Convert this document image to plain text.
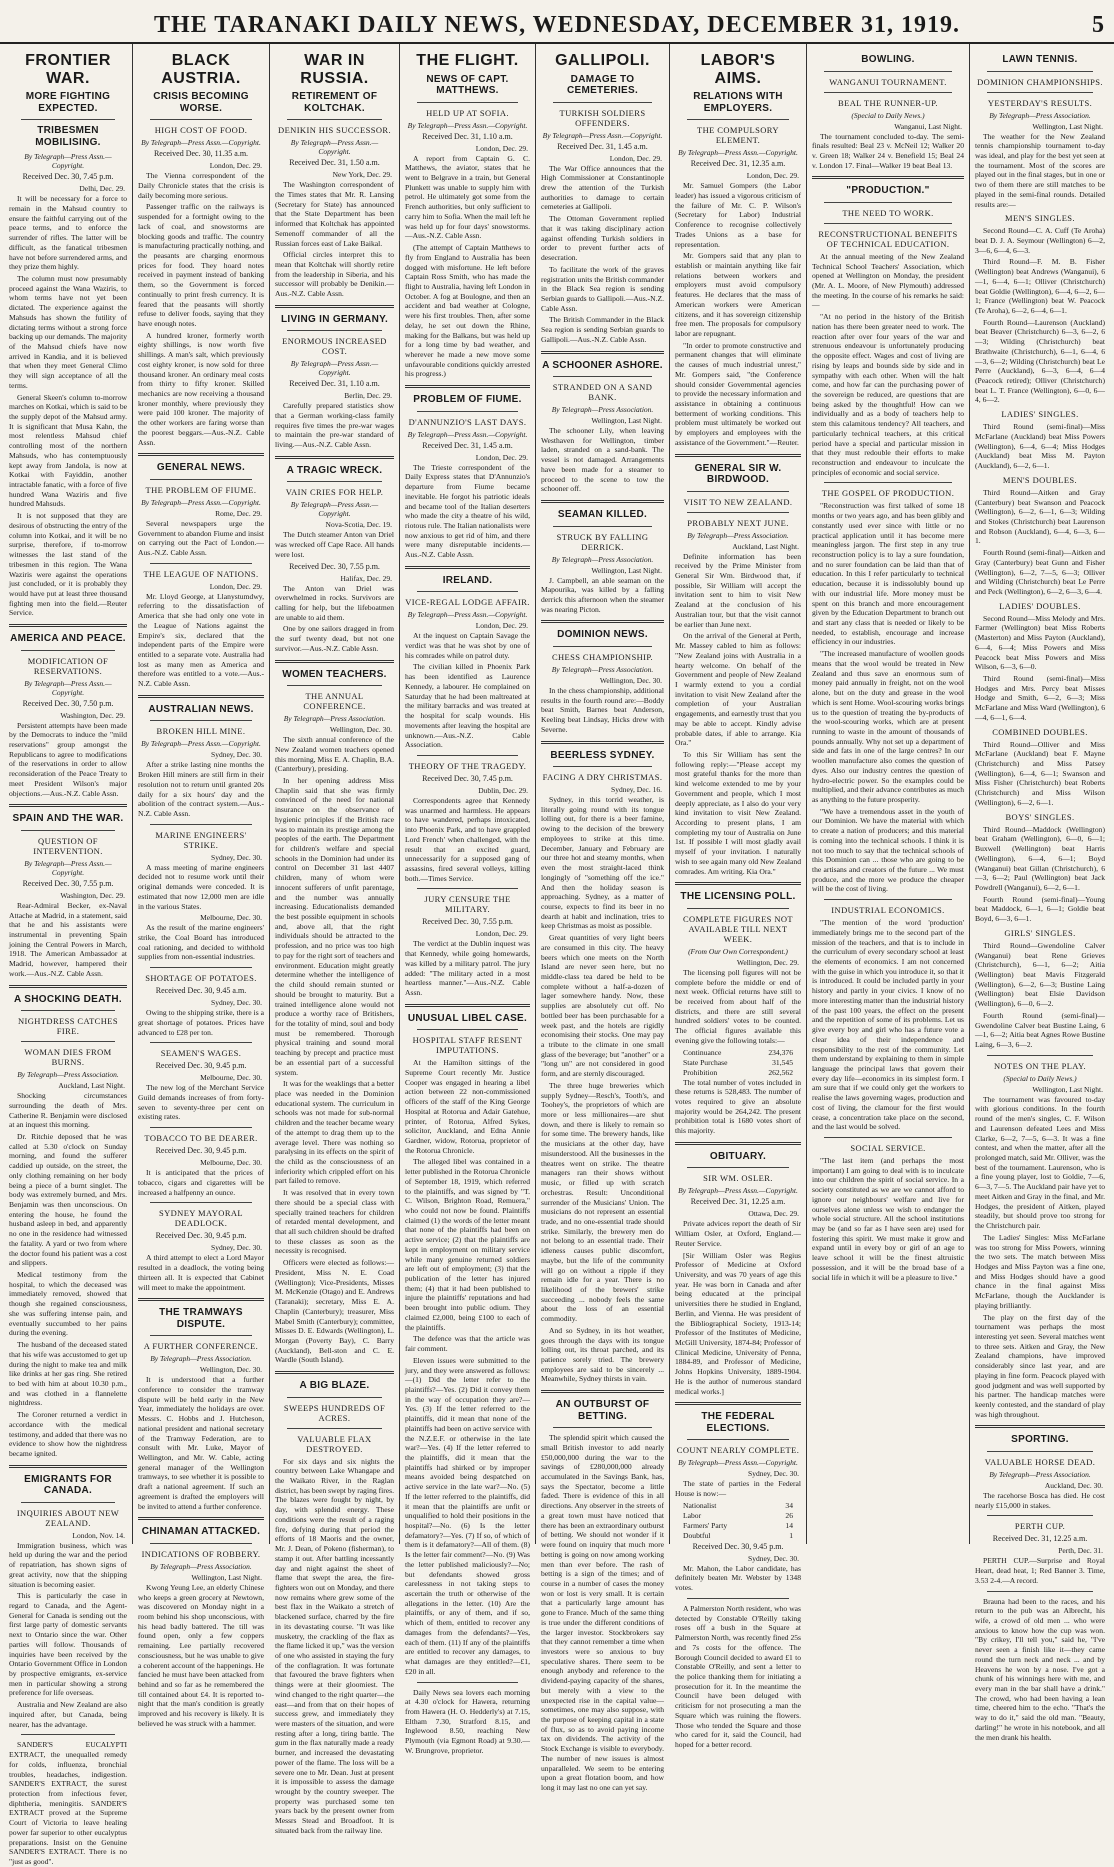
THE TARANAKI DAILY NEWS, WEDNESDAY, DECEMBER 31, 1919.	5
FRONTIER WAR.
MORE FIGHTING EXPECTED.
TRIBESMEN MOBILISING.
By Telegraph—Press Assn.—Copyright.
Received Dec. 30, 7.45 p.m.
Delhi, Dec. 29.

It will be necessary for a force to remain in the Mahsud country to ensure the faithful carrying out of the peace terms, and to enforce the surrender of rifles. The latter will be difficult, as the fanatical tribesmen have not before surrendered arms, and they prize them highly.

The column must now presumably proceed against the Wana Waziris, to whom terms have not yet been dictated. The experience against the Mahsuds has shown the futility of dictating terms without a strong force backing up our demands. The majority of the Mahsud chiefs have now arrived in Kandia, and it is believed that when they meet General Climo they will sign acceptance of all the terms.

General Skeen's column to-morrow marches on Kotkai, which is said to be the supply depot of the Mahsud army. It is significant that Musa Kahn, the most relentless Mahsud chief controlling most of the northern Mahsuds, who has contemptuously kept away from Jandola, is now at Kotkai with Fayiddin, another intractable fanatic, with a force of five hundred Wana Waziris and five hundred Mahsuds.

It is not supposed that they are desirous of obstructing the entry of the column into Kotkai, and it will be no surprise, therefore, if to-morrow witnesses the last stand of the tribesmen in this region. The Wana Waziris were against the operations just concluded, or it is probably they would have put at least three thousand fighting men into the field.—Reuter Service.

AMERICA AND PEACE.
MODIFICATION OF RESERVATIONS.
By Telegraph—Press Assn.—Copyright.
Received Dec. 30, 7.50 p.m.
Washington, Dec. 29.

Persistent attempts have been made by the Democrats to induce the "mild reservations" group amongst the Republicans to agree to modifications of the reservations in order to allow reconsideration of the Peace Treaty to meet President Wilson's major objections.—Aus.-N.Z. Cable Assn.

SPAIN AND THE WAR.
QUESTION OF INTERVENTION.
By Telegraph—Press Assn.—Copyright.
Received Dec. 30, 7.55 p.m.
Washington, Dec. 29.

Rear-Admiral Becker, ex-Naval Attache at Madrid, in a statement, said that he and his assistants were instrumental in preventing Spain joining the Central Powers in March, 1918. The American Ambassador at Madrid, however, hampered their work.—Aus.-N.Z. Cable Assn.

A SHOCKING DEATH.
NIGHTDRESS CATCHES FIRE.
WOMAN DIES FROM BURNS.
By Telegraph—Press Association.
Auckland, Last Night.

Shocking circumstances surrounding the death of Mrs. Catherine R. Benjamin were disclosed at an inquest this morning.

Dr. Ritchie deposed that he was called at 5.30 o'clock on Sunday morning, and found the sufferer caddied up outside, on the street, the only clothing remaining on her body being a piece of a burnt singlet. The body was extremely burned, and Mrs. Benjamin was then unconscious. On entering the house, he found the husband asleep in bed, and apparently no one in the residence had witnessed the fatality. A yard or two from where the doctor found his patient was a cost and slippers.

Medical testimony from the hospital, to which the deceased was immediately removed, showed that though she regained consciousness, she was suffering intense pain, and eventually succumbed to her pains during the evening.

The husband of the deceased stated that his wife was accustomed to get up during the night to make tea and milk like drinks at her gas ring. She retired to bed with him at about 10.30 p.m., and was clothed in a flannelette nightdress.

The Coroner returned a verdict in accordance with the medical testimony, and added that there was no evidence to show how the nightdress became ignited.

EMIGRANTS FOR CANADA.
INQUIRIES ABOUT NEW ZEALAND.
London, Nov. 14.

Immigration business, which was held up during the war and the period of repatriation, has shown signs of great activity, now that the shipping situation is becoming easier.

This is particularly the case in regard to Canada, and the Agent-General for Canada is sending out the first large party of domestic servants next to Ontario since the war. Other parties will follow. Thousands of inquiries have been received by the Ontario Government Office in London by prospective emigrants, ex-service men in particular showing a strong preference for life overseas.

Australia and New Zealand are also inquired after, but Canada, being nearer, has the advantage.

SANDER'S EUCALYPTI EXTRACT, the unequalled remedy for colds, influenza, bronchial troubles, headaches, indigestion. SANDER'S EXTRACT, the surest protection from infectious fever, diphtheria, meningitis. SANDER'S EXTRACT proved at the Supreme Court of Victoria to leave healing power far superior to other eucalyptus preparations. Insist on the Genuine SANDER'S EXTRACT. There is no "just as good".

BLACK AUSTRIA.
CRISIS BECOMING WORSE.
HIGH COST OF FOOD.
By Telegraph—Press Assn.—Copyright.
Received Dec. 30, 11.35 a.m.
London, Dec. 29.

The Vienna correspondent of the Daily Chronicle states that the crisis is daily becoming more serious.

Passenger traffic on the railways is suspended for a fortnight owing to the lack of coal, and snowstorms are blocking goods and traffic. The country is manufacturing practically nothing, and the peasants are charging enormous prices for food. They hoard notes received in payment instead of banking them, so the Government is forced continually to print fresh currency. It is feared that the peasants will shortly refuse to deliver foods, saying that they have enough notes.

A hundred kroner, formerly worth eighty shillings, is now worth five shillings. A man's salt, which previously cost eighty kroner, is now sold for three thousand kroner. An ordinary meal costs from thirty to fifty kroner. Skilled mechanics are now receiving a thousand kroner monthly, where previously they were paid 100 kroner. The majority of the other workers are faring worse than the poorest beggars.—Aus.-N.Z. Cable Assn.

GENERAL NEWS.
THE PROBLEM OF FIUME.
By Telegraph—Press Assn.—Copyright.
Rome, Dec. 29.

Several newspapers urge the Government to abandon Fiume and insist on carrying out the Pact of London.—Aus.-N.Z. Cable Assn.

THE LEAGUE OF NATIONS.
London, Dec. 29.

Mr. Lloyd George, at Llanystumdwy, referring to the dissatisfaction of America that she had only one vote in the League of Nations against the Empire's six, declared that the independent parts of the Empire were entitled to a separate vote. Australia had lost as many men as America and therefore was entitled to a vote.—Aus.-N.Z. Cable Assn.

AUSTRALIAN NEWS.
BROKEN HILL MINE.
By Telegraph—Press Assn.—Copyright.
Sydney, Dec. 30.

After a strike lasting nine months the Broken Hill miners are still firm in their resolution not to return until granted 20s daily for a six hours' day and the abolition of the contract system.—Aus.-N.Z. Cable Assn.

MARINE ENGINEERS' STRIKE.
Sydney, Dec. 30.

A mass meeting of marine engineers decided not to resume work until their original demands were conceded. It is estimated that now 12,000 men are idle in the various States.

Melbourne, Dec. 30.

As the result of the marine engineers' strike, the Coal Board has introduced coal rationing, and decided to withhold supplies from non-essential industries.

SHORTAGE OF POTATOES.
Received Dec. 30, 9.45 a.m.
Sydney, Dec. 30.

Owing to the shipping strike, there is a great shortage of potatoes. Prices have advanced to £28 per ton.

SEAMEN'S WAGES.
Received Dec. 30, 9.45 p.m.
Melbourne, Dec. 30.

The new log of the Merchant Service Guild demands increases of from forty-seven to seventy-three per cent on existing rates.

TOBACCO TO BE DEARER.
Received Dec. 30, 9.45 p.m.
Melbourne, Dec. 30.

It is anticipated that the prices of tobacco, cigars and cigarettes will be increased a halfpenny an ounce.

SYDNEY MAYORAL DEADLOCK.
Received Dec. 30, 9.45 p.m.
Sydney, Dec. 30.

A third attempt to elect a Lord Mayor resulted in a deadlock, the voting being thirteen all. It is expected that Cabinet will meet to make the appointment.

THE TRAMWAYS DISPUTE.
A FURTHER CONFERENCE.
By Telegraph—Press Association.
Wellington, Dec. 30.

It is understood that a further conference to consider the tramway dispute will be held early in the New Year, immediately the holidays are over. Messrs. C. Hobbs and J. Hutcheson, national president and national secretary of the Tramway Federation, are to consult with Mr. Luke, Mayor of Wellington, and Mr. W. Cable, acting general manager of the Wellington tramways, to see whether it is possible to draft a national agreement. If such an agreement is drafted the employers will be invited to attend a further conference.

CHINAMAN ATTACKED.
INDICATIONS OF ROBBERY.
By Telegraph—Press Association.
Wellington, Last Night.

Kwong Yeung Lee, an elderly Chinese who keeps a green grocery at Newtown, was discovered on Monday night in a room behind his shop unconscious, with his head badly battered. The till was found open, only a few coppers remaining. Lee partially recovered consciousness, but he was unable to give a coherent account of the happenings. He fancied he must have been attacked from behind and so far as he remembered the till contained about £4. It is reported to-night that the man's condition is greatly improved and his recovery is likely. It is believed he was struck with a hammer.

WAR IN RUSSIA.
RETIREMENT OF KOLTCHAK.
DENIKIN HIS SUCCESSOR.
By Telegraph—Press Assn.—Copyright.
Received Dec. 31, 1.50 a.m.
New York, Dec. 29.

The Washington correspondent of the Times states that Mr. R. Lansing (Secretary for State) has announced that the State Department has been informed that Koltchak has appointed Semenoff commander of all the Russian forces east of Lake Baikal.

Official circles interpret this to mean that Koltchak will shortly retire from the leadership in Siberia, and his successor will probably be Denikin.—Aus.-N.Z. Cable Assn.

LIVING IN GERMANY.
ENORMOUS INCREASED COST.
By Telegraph—Press Assn.—Copyright.
Received Dec. 31, 1.10 a.m.
Berlin, Dec. 29.

Carefully prepared statistics show that a German working-class family requires five times the pre-war wages to maintain the pre-war standard of living.—Aus.-N.Z. Cable Assn.

A TRAGIC WRECK.
VAIN CRIES FOR HELP.
By Telegraph—Press Assn.—Copyright.
Nova-Scotia, Dec. 19.

The Dutch steamer Anton van Driel was wrecked off Cape Race. All hands were lost.

Received Dec. 30, 7.55 p.m.
Halifax, Dec. 29.

The Anton van Driel was overwhelmed in rocks. Survivors are calling for help, but the lifeboatmen are unable to aid them.

One by one sailors dragged in from the surf twenty dead, but not one survivor.—Aus.-N.Z. Cable Assn.

WOMEN TEACHERS.
THE ANNUAL CONFERENCE.
By Telegraph—Press Association.
Wellington, Dec. 30.

The sixth annual conference of the New Zealand women teachers opened this morning, Miss E. A. Chaplin, B.A. (Canterbury), presiding.

In her opening address Miss Chaplin said that she was firmly convinced of the need for national insurance on the observance of hygienic principles if the British race was to maintain its prestige among the peoples of the earth. The Department for children's welfare and special schools in the Dominion had under its control on December 31 last 4407 children, many of whom were innocent sufferers of unfit parentage, and the number was annually increasing. Educationalists demanded the best possible equipment in schools and, above all, that the right individuals should be attracted to the profession, and no price was too high to pay for the right sort of teachers and environment. Education might greatly determine whether the intelligence of the child should remain stunted or should be brought to maturity. But a trained intelligence alone would not produce a worthy race of Britishers, for the totality of mind, soul and body must be remembered. Thorough physical training and sound moral teaching by precept and practice must be an essential part of a successful system.

It was for the weaklings that a better place was needed in the Dominion educational system. The curriculum in schools was not made for sub-normal children and the teacher became weary of the attempt to drag them up to the average level. There was nothing so paralysing in its effects on the spirit of the child as the consciousness of an inferiority which crippled effort on his part failed to remove.

It was resolved that in every town there should be a special class with specially trained teachers for children of retarded mental development, and that all such children should be drafted to these classes as soon as the necessity is recognised.

Officers were elected as follows:—President, Miss N. E. Coad (Wellington); Vice-Presidents, Misses M. McKenzie (Otago) and E. Andrews (Taranaki); secretary, Miss E. A. Chaplin (Canterbury); treasurer, Miss Mabel Smith (Canterbury); committee, Misses D. E. Edwards (Wellington), L. Morgan (Poverty Bay), C. Barry (Auckland), Bell-ston and C. E. Wardle (South Island).

A BIG BLAZE.
SWEEPS HUNDREDS OF ACRES.
VALUABLE FLAX DESTROYED.

For six days and six nights the country between Lake Whangape and the Waikato River, in the Raglan district, has been swept by raging fires. The blazes were fought by night, by day, with splendid energy. These conditions were the result of a raging fire, defying during that period the efforts of 18 Maoris and the owner, Mr. J. Dean, of Pokeno (fisherman), to stamp it out. After battling incessantly day and night against the sheet of flame that swept the area, the fire-fighters won out on Monday, and there now remains where grew some of the best flax in the Waikato a stretch of blackened surface, charred by the fire in its devastating course. "It was like musketry, the crackling of the flax as the flame licked it up," was the version of one who assisted in staying the fury of the conflagration. It was fortunate that favoured the brave fighters when things were at their gloomiest. The wind changed to the right quarter—the east—and from that on their hopes of success grew, and immediately they were masters of the situation, and were resting after a long, tiring battle. The gum in the flax naturally made a ready burner, and increased the devastating power of the flame. The loss will be a severe one to Mr. Dean. Just at present it is impossible to assess the damage wrought by the country sweeper. The property was purchased some ten years back by the present owner from Messrs Stead and Broadfoot. It is situated back from the railway line.

THE FLIGHT.
NEWS OF CAPT. MATTHEWS.
HELD UP AT SOFIA.
By Telegraph—Press Assn.—Copyright.
Received Dec. 31, 1.10 a.m.
London, Dec. 29.

A report from Captain G. C. Matthews, the aviator, states that he went to Belgrave in a train, but General Plunkett was unable to supply him with petrol. He ultimately got some from the French authorities, but only sufficient to carry him to Sofia. When the mail left he was held up for four days' snowstorms.—Aus.-N.Z. Cable Assn.

(The attempt of Captain Matthews to fly from England to Australia has been dogged with misfortune. He left before Captain Ross Smith, who has made the flight to Australia, having left London in October. A fog at Boulogne, and then an accident and bad weather at Cologne, were his first troubles. Then, after some delay, he set out down the Rhine, making for the Balkans, but was held up for a long time by bad weather, and wherever he made a new move some unfavourable conditions quickly arrested his progress.)

PROBLEM OF FIUME.
D'ANNUNZIO'S LAST DAYS.
By Telegraph—Press Assn.—Copyright.
Received Dec. 31, 1.45 a.m.
London, Dec. 29.

The Trieste correspondent of the Daily Express states that D'Annunzio's departure from Fiume became inevitable. He forgot his patriotic ideals and became tool of the Italian deserters who made the city a theatre of his wild, riotous rule. The Italian nationalists were now anxious to get rid of him, and there were many disreputable incidents.—Aus.-N.Z. Cable Assn.

IRELAND.
VICE-REGAL LODGE AFFAIR.
By Telegraph—Press Assn.—Copyright.
London, Dec. 29.

At the inquest on Captain Savage the verdict was that he was shot by one of his comrades while on patrol duty.

The civilian killed in Phoenix Park has been identified as Laurence Kennedy, a labourer. He complained on Saturday that he had been maltreated at the military barracks and was treated at the hospital for scalp wounds. His movements after leaving the hospital are unknown.—Aus.-N.Z. Cable Association.

THEORY OF THE TRAGEDY.
Received Dec. 30, 7.45 p.m.
Dublin, Dec. 29.

Correspondents agree that Kennedy was unarmed and harmless. He appears to have wandered, perhaps intoxicated, into Phoenix Park, and to have grappled Lord French' when challenged, with the result that an excited guard, unnecessarily for a supposed gang of assassins, fired several volleys, killing both.—Times Service.

JURY CENSURE THE MILITARY.
Received Dec. 30, 7.55 p.m.
London, Dec. 29.

The verdict at the Dublin inquest was that Kennedy, while going homewards, was killed by a military patrol. The jury added: "The military acted in a most heartless manner."—Aus.-N.Z. Cable Assn.

UNUSUAL LIBEL CASE.
HOSPITAL STAFF RESENT IMPUTATIONS.

At the Hamilton sittings of the Supreme Court recently Mr. Justice Cooper was engaged in hearing a libel action between 22 non-commissioned officers of the staff of the King George Hospital at Rotorua and Adair Gatehue, printer, of Rotorua, Alfred Sykes, solicitor, Auckland, and Edna Annie Gardner, widow, Rotorua, proprietor of the Rotorua Chronicle.

The alleged libel was contained in a letter published in the Rotorua Chronicle of September 18, 1919, which referred to the plaintiffs, and was signed by "T. C. Wilson, Brighton Road, Remuera," who could not now be found. Plaintiffs claimed (1) the words of the letter meant that none of the plaintiffs had been on active service; (2) that the plaintiffs are kept in employment on military service while many genuine returned soldiers are left out of employment; (3) that the publication of the letter has injured them; (4) that it had been published to injure the plaintiffs' reputations and had been brought into public odium. They claimed £2,000, being £100 to each of the plaintiffs.

The defence was that the article was fair comment.

Eleven issues were submitted to the jury, and they were answered as follows:—(1) Did the letter refer to the plaintiffs?—Yes. (2) Did it convey them in the way of occupation they are?—Yes. (3) If the letter referred to the plaintiffs, did it mean that none of the plaintiffs had been on active service with the N.Z.E.F. or otherwise in the late war?—Yes. (4) If the letter referred to the plaintiffs, did it mean that the plaintiffs had shirked or by improper means avoided being despatched on active service in the late war?—No. (5) If the letter referred to the plaintiffs, did it mean that the plaintiffs are unfit or unqualified to hold their positions in the hospital?—No. (6) Is the letter defamatory?—Yes. (7) If so, of which of them is it defamatory?—All of them. (8) Is the letter fair comment?—No. (9) Was the letter published maliciously?—No; but defendants showed gross carelessness in not taking steps to ascertain the truth or otherwise of the allegations in the letter. (10) Are the plaintiffs, or any of them, and if so, which of them, entitled to recover any damages from the defendants?—Yes, each of them. (11) If any of the plaintiffs are entitled to recover any damages, to what damages are they entitled?—£1, £20 in all.

Daily News sea lovers each morning at 4.30 o'clock for Hawera, returning from Hawera (H. O. Hedderly's) at 7.15, Eltham 7.30, Stratford 8.15, and Inglewood 8.50, reaching New Plymouth (via Egmont Road) at 9.30.—W. Brungrove, proprietor.

GALLIPOLI.
DAMAGE TO CEMETERIES.
TURKISH SOLDIERS OFFENDERS.
By Telegraph—Press Assn.—Copyright.
Received Dec. 31, 1.45 a.m.
London, Dec. 29.

The War Office announces that the High Commissioner at Constantinople drew the attention of the Turkish authorities to damage to certain cemeteries at Gallipoli.

The Ottoman Government replied that it was taking disciplinary action against offending Turkish soldiers in order to prevent further acts of desecration.

To facilitate the work of the graves registration units the British commander in the Black Sea region is sending Serbian guards to Gallipoli.—Aus.-N.Z. Cable Assn.

The British Commander in the Black Sea region is sending Serbian guards to Gallipoli.—Aus.-N.Z. Cable Assn.

A SCHOONER ASHORE.
STRANDED ON A SAND BANK.
By Telegraph—Press Association.
Wellington, Last Night.

The schooner Lily, when leaving Westhaven for Wellington, timber laden, stranded on a sand-bank. The vessel is not damaged. Arrangements have been made for a steamer to proceed to the scene to tow the schooner off.

SEAMAN KILLED.
STRUCK BY FALLING DERRICK.
By Telegraph—Press Association.
Wellington, Last Night.

J. Campbell, an able seaman on the Mapourika, was killed by a falling derrick this afternoon when the steamer was nearing Picton.

DOMINION NEWS.
CHESS CHAMPIONSHIP.
By Telegraph—Press Association.
Wellington, Dec. 30.

In the chess championship, additional results in the fourth round are:—Boddy beat Smith, Barnes beat Anderson, Keeling beat Lindsay, Hicks drew with Severne.

BEERLESS SYDNEY.
FACING A DRY CHRISTMAS.
Sydney, Dec. 16.

Sydney, in this torrid weather, is literally going round with its tongue lolling out, for there is a beer famine, owing to the decision of the brewery employees to strike at this time. December, January and February are our three hot and steamy months, when even the most straight-laced think longingly of "something off the ice." And then the holiday season is approaching. Sydney, as a matter of course, expects to find its beer in no dearth at habit and inclination, tries to keep Christmas as moist as possible.

Great quantities of very light beers are consumed in this city. The heavy beers which one meets on the North Island are never seen here, but no middle-class tea dared be held to be complete without a half-a-dozen of lager somewhere handy. Now, these supplies are absolutely cut off. No bottled beer has been purchasable for a week past, and the hotels are rigidly economising their stocks. One may pay a tribute to the climate in one small glass of the beverage; but "another" or a "long un" are not considered in good form, and are sternly discouraged.

The three huge breweries which supply Sydney—Resch's, Tooth's, and Toohey's, the proprietors of which are more or less millionaires—are shut down, and there is likely to remain so for some time. The brewery hands, like the musicians at the other day, have misunderstood. All the businesses in the theatres went on strike. The theatre managers ran their shows without music, or filled up with scratch orchestras. Result: Unconditional surrender of the Musicians' Union. The musicians do not represent an essential trade, and no one-essential trade should strike. Similarly, the brewery men do not belong to an essential trade. Their idleness causes public discomfort, maybe, but the life of the community will go on without a ripple if they remain idle for a year. There is no likelihood of the brewers' strike succeeding ... nobody feels the same about the loss of an essential commodity.

And so Sydney, in its hot weather, goes through the days with its tongue lolling out, its throat parched, and its patience sorely tried. The brewery employees are said to be sincerely ... Meanwhile, Sydney thirsts in vain.

AN OUTBURST OF BETTING.

The splendid spirit which caused the small British investor to add nearly £50,000,000 during the war to the savings of £280,000,000 already accumulated in the Savings Bank, has, says the Spectator, become a little faded. There is evidence of this in all directions. Any observer in the streets of a great town must have noticed that there has been an extraordinary outburst of betting. We should not wonder if it were found on inquiry that much more betting is going on now among working men than ever before. The rash of betting is a sign of the times; and of course in a number of cases the money won or lost is very small. It is certain that a particularly large amount has gone to France. Much of the same thing is true under the different conditions of the larger investor. Stockbrokers say that they cannot remember a time when investors were so anxious to buy speculative shares. There seem to be enough anybody and reference to the dividend-paying capacity of the shares, but merely with a view to the unexpected rise in the capital value—sometimes, one may also suppose, with the purpose of keeping capital in a state of flux, so as to avoid paying income tax on dividends. The activity of the Stock Exchange is visible to everybody. The number of new issues is almost unparalleled. We seem to be entering upon a great flotation boom, and how long it may last no one can yet say.

LABOR'S AIMS.
RELATIONS WITH EMPLOYERS.
THE COMPULSORY ELEMENT.
By Telegraph—Press Assn.—Copyright.
Received Dec. 31, 12.35 a.m.
London, Dec. 29.

Mr. Samuel Gompers (the Labor leader) has issued a vigorous criticism of the failure of Mr. C. P. Wilson's (Secretary for Labor) Industrial Conference to recognise collectively Trades Unions as a base for representation.

Mr. Gompers said that any plan to establish or maintain anything like fair relations between workers and employers must avoid compulsory features. He declares that the mass of American workers were American citizens, and it has sovereign citizenship free men. The proposals for compulsory labor are repugnant.

"In order to promote constructive and permanent changes that will eliminate the causes of much industrial unrest," Mr. Gompers said, "the Conference should consider Governmental agencies to provide the necessary information and assistance in obtaining a continuous betterment of working conditions. This problem must ultimately be worked out by employers and employees with the assistance of the Government."—Reuter.

GENERAL SIR W. BIRDWOOD.
VISIT TO NEW ZEALAND.
PROBABLY NEXT JUNE.
By Telegraph—Press Association.
Auckland, Last Night.

Definite information has been received by the Prime Minister from General Sir Wm. Birdwood that, if possible, Sir William will accept the invitation sent to him to visit New Zealand at the conclusion of his Australian tour, but that the visit cannot be earlier than June next.

On the arrival of the General at Perth, Mr. Massey cabled to him as follows: "New Zealand joins with Australia in a hearty welcome. On behalf of the Government and people of New Zealand I warmly extend to you a cordial invitation to visit New Zealand after the completion of your Australian engagements, and earnestly trust that you may be able to accept. Kindly advise probable dates, if able to arrange. Kia Ora."

To this Sir William has sent the following reply:—"Please accept my most grateful thanks for the more than kind welcome extended to me by your Government and people, which I most deeply appreciate, as I also do your very kind invitation to visit New Zealand. According to present plans, I am completing my tour of Australia on June 1st. If possible I will most gladly avail myself of your invitation. I naturally wish to see again many old New Zealand comrades. Am writing. Kia Ora."

THE LICENSING POLL.
COMPLETE FIGURES NOT AVAILABLE TILL NEXT WEEK.
(From Our Own Correspondent.)
Wellington, Dec. 29.

The licensing poll figures will not be complete before the middle or end of next week. Official returns have still to be received from about half of the districts, and there are still several hundred soldiers' votes to be counted. The official figures available this evening give the following totals:—

Continuance	234,376
State Purchase	31,545
Prohibition	262,562

The total number of votes included in these returns is 528,483. The number of votes required to give an absolute majority would be 264,242. The present prohibition total is 1680 votes short of this majority.

OBITUARY.
SIR WM. OSLER.
By Telegraph—Press Assn.—Copyright.
Received Dec. 31, 12.25 a.m.
Ottawa, Dec. 29.

Private advices report the death of Sir William Osler, at Oxford, England.—Reuter Service.

[Sir William Osler was Regius Professor of Medicine at Oxford University, and was 70 years of age this year. He was born in Canada and after being educated at the principal universities there he studied in England, Berlin, and Vienna. He was president of the Bibliographical Society, 1913-14; Professor of the Institutes of Medicine, McGill University, 1874-84; Professor of Clinical Medicine, University of Penna, 1884-89, and Professor of Medicine, Johns Hopkins University, 1889-1904. He is the author of numerous standard medical works.]

THE FEDERAL ELECTIONS.
COUNT NEARLY COMPLETE.
By Telegraph—Press Assn.—Copyright.
Sydney, Dec. 30.

The state of parties in the Federal House is now:—

Nationalist	34
Labor	26
Farmers' Party	14
Doubtful	1
Received Dec. 30, 9.45 p.m.
Sydney, Dec. 30.

Mr. Mahon, the Labor candidate, has definitely beaten Mr. Webster by 1348 votes.

A Palmerston North resident, who was detected by Constable O'Reilly taking roses off a bush in the Square at Palmerston North, was recently fined 25s and 7s costs for the offence. The Borough Council decided to award £1 to Constable O'Reilly, and sent a letter to the police thanking them for initiating a prosecution for it. In the meantime the Council have been deluged with criticism for not prosecuting a man the Square which was ruining the flowers. Those who tended the Square and those who cared for it, said the Council, had hoped for a better record.

BOWLING.
WANGANUI TOURNAMENT.
BEAL THE RUNNER-UP.
(Special to Daily News.)
Wanganui, Last Night.

The tournament concluded to-day. The semi-finals resulted: Beal 23 v. McNeil 12; Walker 20 v. Green 18; Walker 24 v. Benefield 15; Beal 24 v. London 17. Final—Walker 19 beat Beal 13.

"PRODUCTION."
THE NEED TO WORK.
RECONSTRUCTIONAL BENEFITS OF TECHNICAL EDUCATION.

At the annual meeting of the New Zealand Technical School Teachers' Association, which opened at Wellington on Monday, the president (Mr. A. L. Moore, of New Plymouth) addressed the meeting. In the course of his remarks he said:—

"At no period in the history of the British nation has there been greater need to work. The reaction after over four years of the war and strenuous endeavour is unfortunately producing the opposite effect. Wages and cost of living are rising by leaps and bounds side by side and in sympathy with each other. When will the halt come, and how far can the purchasing power of the sovereign be reduced, are questions that are being asked by the thoughtful! How can we individually and as a body of teachers help to stem this calamitous tendency? All teachers, and particularly technical teachers, at this critical period have a special and particular mission in that they must redouble their efforts to make reconstruction and endeavour to inculcate the principles of economic and social service.

THE GOSPEL OF PRODUCTION.

"Reconstruction was first talked of some 18 months or two years ago, and has been glibly and constantly used ever since with little or no practical application until it has become mere meaningless jargon. The first step in any true reconstruction policy is to lay a sure foundation, and no surer foundation can be laid than that of education. In this I refer particularly to technical education, because it is indissolubly bound up with our industrial life. More money must be spent on this branch and more encouragement given by the Education Department to branch out and start any class that is needed or likely to be needed, to establish, encourage and increase efficiency in our industries.

"The increased manufacture of woollen goods means that the wool would be treated in New Zealand and thus save an enormous sum of money paid annually in freight, not on the wool alone, but on the duty and grease in the wool which is sent Home. Wool-scouring works brings us to the question of treating the by-products of the wool-scouring works, which are at present running to waste in the amount of thousands of pounds annually. Why not set up a department of side and fats in one of the large centres? In our woollen manufacture also comes the question of dyes. Also our industry centres the question of hydro-electric power. So the examples could be multiplied, and their advance contributes as much as anything to the future prosperity.

"We have a tremendous asset in the youth of our Dominion. We have the material with which to create a nation of producers; and this material is coming into the technical schools. I think it is not too much to say that the technical schools of this Dominion can ... those who are going to be the artisans and creators of the future ... We must produce, and the more we produce the cheaper will be the cost of living.

INDUSTRIAL ECONOMICS.

"The mention of the word 'production' immediately brings me to the second part of the mission of the teachers, and that is to include in the curriculum of every secondary school at least the elements of economics. I am not concerned with the guise in which you introduce it, so that it is introduced. It could be included partly in your history and partly in your civics. I know of no more interesting matter than the industrial history of the past 100 years, the effect on the present and the repetition of some of its problems. Let us give every boy and girl who has a future vote a clear idea of their independence and responsibility to the rest of the community. Let them understand by explaining to them in simple language the principal laws that govern their every day life—economics in its simplest form. I am sure that if we could only get the workers to realise the laws governing wages, production and cost of living, the clamour for the first would cease, a concentration take place on the second, and the last would be solved.

SOCIAL SERVICE.

"The last item (and perhaps the most important) I am going to deal with is to inculcate into our children the spirit of social service. In a society constituted as we are we cannot afford to ignore our neighbours' welfare and live for ourselves alone unless we wish to endanger the whole social structure. All the school institutions may be (and so far as I have seen are) used for fostering this spirit. We must make it grow and expand until in every boy or girl of an age to leave school it will be the finest altruistic possession, and it will be the broad base of a social life in which it will be a pleasure to live."

LAWN TENNIS.
DOMINION CHAMPIONSHIPS.
YESTERDAY'S RESULTS.
By Telegraph—Press Association.
Wellington, Last Night.

The weather for the New Zealand tennis championship tournament to-day was ideal, and play for the best yet seen at the tournament. Most of the scores are played out in the final stages, but in one or two of them there are still matches to be played in the semi-final rounds. Detailed results are:—

MEN'S SINGLES.

Second Round—C. A. Cuff (Te Aroha) beat D. J. A. Seymour (Wellington) 6—2, 3—6, 6—4, 6—3.

Third Round—F. M. B. Fisher (Wellington) beat Andrews (Wanganui), 6—1, 6—4, 6—1; Olliver (Christchurch) beat Goldie (Wellington), 6—4, 6—2, 6—1; France (Wellington) beat W. Peacock (Te Aroha), 6—2, 6—4, 6—1.

Fourth Round—Laurenson (Auckland) beat Beaver (Christchurch) 6—3, 6—2, 6—3; Wilding (Christchurch) beat Brathwaite (Christchurch), 6—1, 6—4, 6—3, 6—2; Wilding (Christchurch) beat Le Perre (Auckland), 6—3, 6—4, 6—4 (Peacock retired); Olliver (Christchurch) beat L. T. France (Wellington), 6—0, 6—4, 6—2.

LADIES' SINGLES.

Third Round (semi-final)—Miss McFarlane (Auckland) beat Miss Powers (Wellington), 6—4, 6—4; Miss Hodges (Auckland) beat Miss M. Payton (Auckland), 6—2, 6—1.

MEN'S DOUBLES.

Third Round—Aitken and Gray (Canterbury) beat Swanson and Peacock (Wellington), 6—2, 6—1, 6—3; Wilding and Stokes (Christchurch) beat Laurenson and Robson (Auckland), 6—4, 6—3, 6—1.

Fourth Round (semi-final)—Aitken and Gray (Canterbury) beat Gunn and Fisher (Wellington), 6—2, 7—5, 6—3; Olliver and Wilding (Christchurch) beat Le Perre and Peck (Wellington), 6—2, 6—3, 6—4.

LADIES' DOUBLES.

Second Round—Miss Melody and Mrs. Farmer (Wellington) beat Miss Roberts (Masterton) and Miss Payton (Auckland), 6—4, 6—4; Miss Powers and Miss Peacock beat Miss Powers and Miss Wilson, 6—3, 6—0.

Third Round (semi-final)—Miss Hodges and Mrs. Percy beat Misses Hodge and Smith, 6—2, 6—3; Miss McFarlane and Miss Ward (Wellington), 6—4, 6—1, 6—4.

COMBINED DOUBLES.

Third Round—Olliver and Miss McFarlane (Auckland) beat F. Mayne (Christchurch) and Miss Patsey (Wellington), 6—4, 6—1; Swanson and Miss Fisher (Christchurch) beat Roberts (Christchurch) and Miss Wilson (Wellington), 6—2, 6—1.

BOYS' SINGLES.

Third Round—Maddock (Wellington) beat Graham (Wellington), 6—0, 6—1; Buxwell (Wellington) beat Harris (Wellington), 6—4, 6—1; Boyd (Wanganui) beat Gillan (Christchurch), 6—3, 6—2; Paul (Wellington) beat Jack Powdrell (Wanganui), 6—2, 6—1.

Fourth Round (semi-final)—Young beat Maddock, 6—1, 6—1; Goldie beat Boyd, 6—3, 6—1.

GIRLS' SINGLES.

Third Round—Gwendoline Calver (Wanganui) beat Rene Grieves (Christchurch), 6—1, 6—2; Aitia (Wellington) beat Mavis Fitzgerald (Wellington), 6—2, 6—3; Bustine Laing (Wellington) beat Elsie Davidson (Wellington), 6—0, 6—2.

Fourth Round (semi-final)—Gwendoline Calver beat Bustine Laing, 6—1, 6—2; Aitia beat Agnes Rowe Bustine Laing, 6—3, 6—2.

NOTES ON THE PLAY.
(Special to Daily News.)
Wellington, Last Night.

The tournament was favoured to-day with glorious conditions. In the fourth round of the men's singles, C. F. Wilson and Laurenson defeated Lees and Miss Clarke, 6—2, 7—5, 6—3. It was a fine contest, and when the matter, after all the prolonged match, said Mr. Olliver, was the best of the tournament. Laurenson, who is a fine young player, lost to Goldie, 7—6, 6—3, 7—5. The Auckland pair have yet to meet Aitken and Gray in the final, and Mr. Hodges, the president of Aitken, played steadily, but should prove too strong for the Christchurch pair.

The Ladies' Singles: Miss McFarlane was too strong for Miss Powers, winning the two sets. The match between Miss Hodges and Miss Payton was a fine one, and Miss Hodges should have a good chance in the final against Miss McFarlane, though the Aucklander is playing brilliantly.

The play on the first day of the tournament was perhaps the most interesting yet seen. Several matches went to three sets. Aitken and Gray, the New Zealand champions, have improved considerably since last year, and are playing in fine form. Peacock played with good judgment and was well supported by his partner. The handicap matches were keenly contested, and the standard of play was high throughout.

SPORTING.
VALUABLE HORSE DEAD.
By Telegraph—Press Association.
Auckland, Dec. 30.

The racehorse Bosca has died. He cost nearly £15,000 in stakes.

PERTH CUP.
Received Dec. 31, 12.25 a.m.
Perth, Dec. 31.

PERTH CUP.—Surprise and Royal Heart, dead heat, 1; Red Banner 3. Time, 3.53 2-4.—A record.

Brauna had been to the races, and his return to the pub was an Albrecht, his wife, a crowd of old men ... who were anxious to know how the cup was won. "By crikey, I'll tell you," said he, "I've never seen a finish like it—they came round the turn neck and neck ... and by Heavens he won by a nose. I've got a chunk of his winnings here with me, and every man in the bar shall have a drink." The crowd, who had been having a lean time, cheered him to the echo. "That's the way to do it," said the old man. "Beauty, darling!" he wrote in his notebook, and all the men drank his health.
